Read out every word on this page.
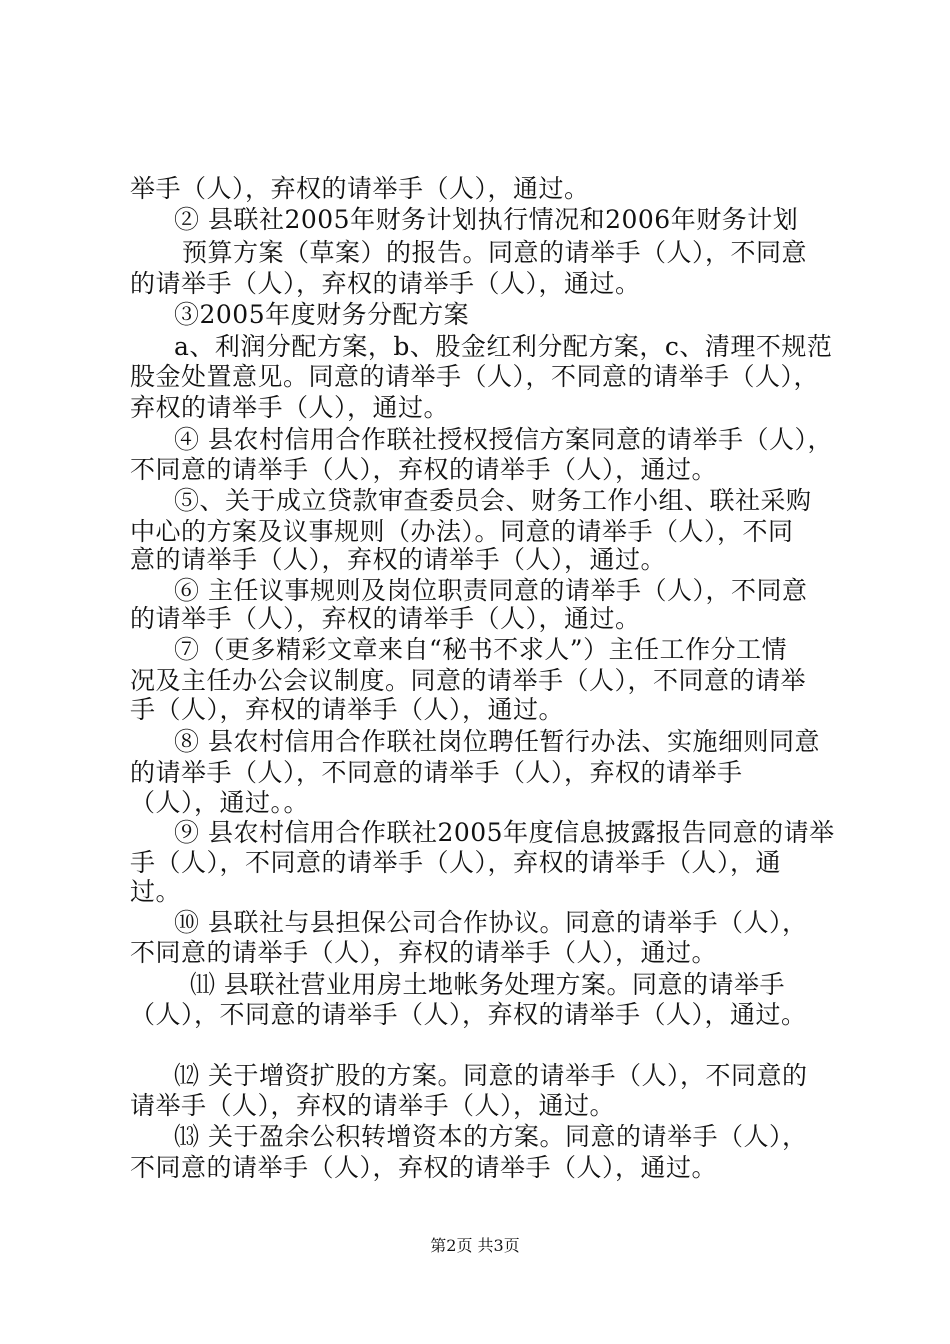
举手（人），弃权的请举手（人），通过。
② 县联社2005年财务计划执行情况和2006年财务计划
预算方案（草案）的报告。同意的请举手（人），不同意
的请举手（人），弃权的请举手（人），通过。
③2005年度财务分配方案
a、利润分配方案，b、股金红利分配方案，c、清理不规范
股金处置意见。同意的请举手（人），不同意的请举手（人），
弃权的请举手（人），通过。
④ 县农村信用合作联社授权授信方案同意的请举手（人），
不同意的请举手（人），弃权的请举手（人），通过。
⑤、关于成立贷款审查委员会、财务工作小组、联社采购
中心的方案及议事规则（办法）。同意的请举手（人），不同
意的请举手（人），弃权的请举手（人），通过。
⑥ 主任议事规则及岗位职责同意的请举手（人），不同意
的请举手（人），弃权的请举手（人），通过。
⑦（更多精彩文章来自“秘书不求人”）主任工作分工情
况及主任办公会议制度。同意的请举手（人），不同意的请举
手（人），弃权的请举手（人），通过。
⑧ 县农村信用合作联社岗位聘任暂行办法、实施细则同意
的请举手（人），不同意的请举手（人），弃权的请举手
（人），通过。。
⑨ 县农村信用合作联社2005年度信息披露报告同意的请举
手（人），不同意的请举手（人），弃权的请举手（人），通
过。
⑩ 县联社与县担保公司合作协议。同意的请举手（人），
不同意的请举手（人），弃权的请举手（人），通过。
⑾ 县联社营业用房土地帐务处理方案。同意的请举手
（人），不同意的请举手（人），弃权的请举手（人），通过。
⑿ 关于增资扩股的方案。同意的请举手（人），不同意的
请举手（人），弃权的请举手（人），通过。
⒀ 关于盈余公积转增资本的方案。同意的请举手（人），
不同意的请举手（人），弃权的请举手（人），通过。
第2页 共3页
